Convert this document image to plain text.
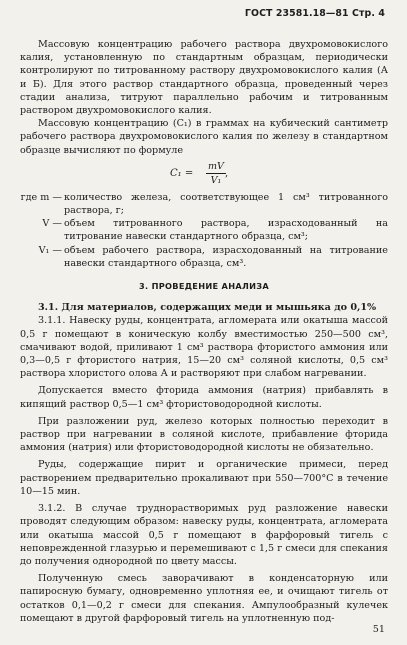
ГОСТ 23581.18—81 Стр. 4

Массовую концентрацию рабочего раствора двухромовокислого калия, установленную по стандартным образцам, периодически контролируют по титрованному раствору двухромовокислого калия (А и Б). Для этого раствор стандартного образца, проведенный через стадии анализа, титруют параллельно рабочим и титрованным раствором двухромовокислого калия.

Массовую концентрацию (C₁) в граммах на кубический сантиметр рабочего раствора двухромовокислого калия по железу в стандартном образце вычисляют по формуле

C₁ =
mV
V₁
,
где m — количество железа, соответствующее 1 см³ титрованного раствора, г;
V — объем титрованного раствора, израсходованный на титрование навески стандартного образца, см³;
V₁ — объем рабочего раствора, израсходованный на титрование навески стандартного образца, см³.
3. ПРОВЕДЕНИЕ АНАЛИЗА

3.1. Для материалов, содержащих меди и мышьяка до 0,1%

3.1.1. Навеску руды, концентрата, агломерата или окатыша массой 0,5 г помещают в коническую колбу вместимостью 250—500 см³, смачивают водой, приливают 1 см³ раствора фтористого аммония или 0,3—0,5 г фтористого натрия, 15—20 см³ соляной кислоты, 0,5 см³ раствора хлористого олова А и растворяют при слабом нагревании.

Допускается вместо фторида аммония (натрия) прибавлять в кипящий раствор 0,5—1 см³ фтористоводородной кислоты.

При разложении руд, железо которых полностью переходит в раствор при нагревании в соляной кислоте, прибавление фторида аммония (натрия) или фтористоводородной кислоты не обязательно.

Руды, содержащие пирит и органические примеси, перед растворением предварительно прокаливают при 550—700°С в течение 10—15 мин.

3.1.2. В случае труднорастворимых руд разложение навески проводят следующим образом: навеску руды, концентрата, агломерата или окатыша массой 0,5 г помещают в фарфоровый тигель с неповрежденной глазурью и перемешивают с 1,5 г смеси для спекания до получения однородной по цвету массы.

Полученную смесь заворачивают в конденсаторную или папиросную бумагу, одновременно уплотняя ее, и очищают тигель от остатков 0,1—0,2 г смеси для спекания. Ампулообразный кулечек помещают в другой фарфоровый тигель на уплотненную под-

51
